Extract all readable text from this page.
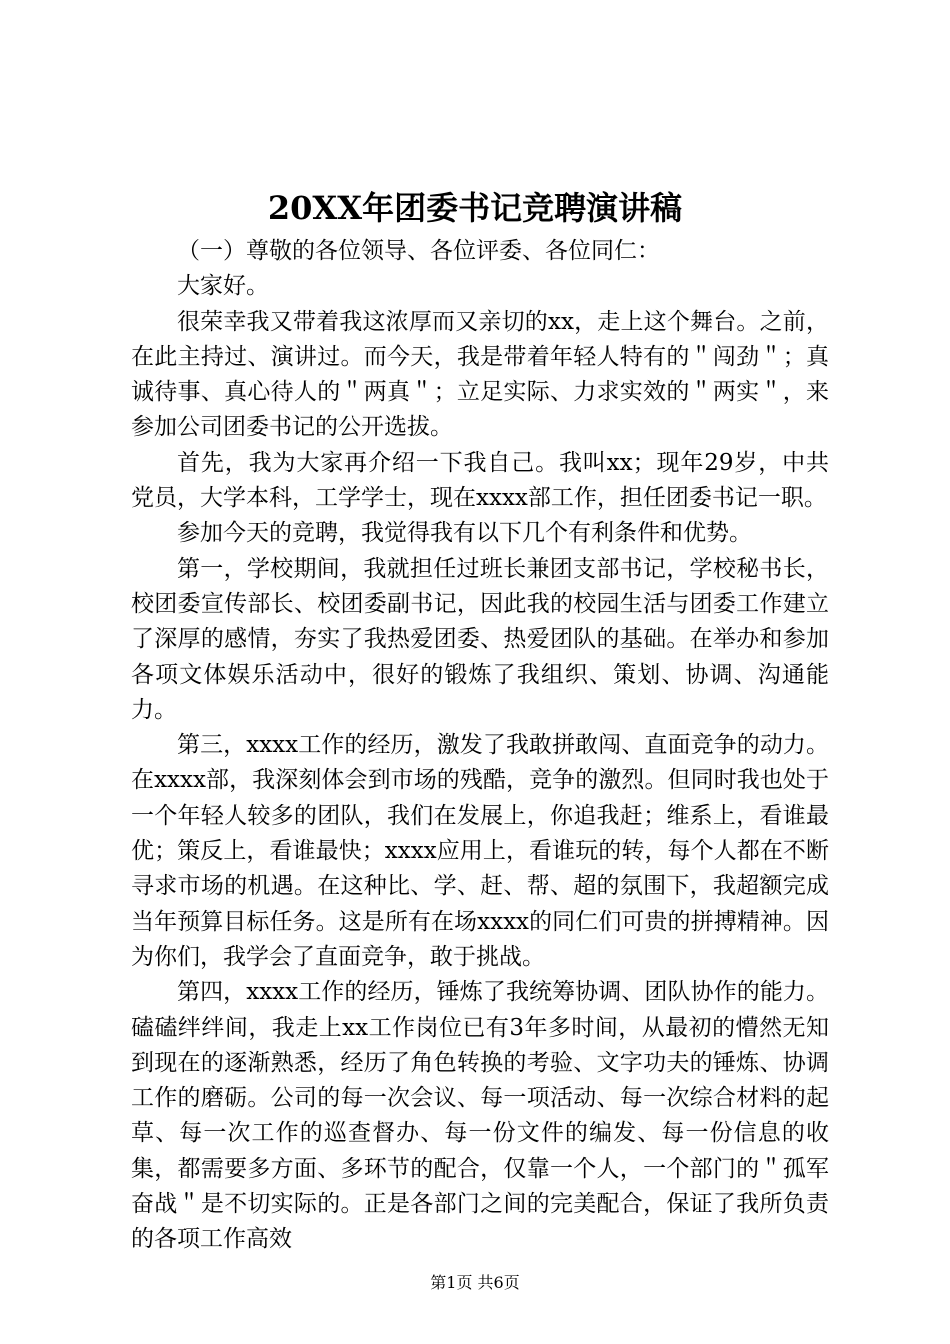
20XX年团委书记竞聘演讲稿

（一）尊敬的各位领导、各位评委、各位同仁：

大家好。

很荣幸我又带着我这浓厚而又亲切的xx，走上这个舞台。之前，在此主持过、演讲过。而今天，我是带着年轻人特有的＂闯劲＂；真诚待事、真心待人的＂两真＂；立足实际、力求实效的＂两实＂，来参加公司团委书记的公开选拔。

首先，我为大家再介绍一下我自己。我叫xx；现年29岁，中共党员，大学本科，工学学士，现在xxxx部工作，担任团委书记一职。

参加今天的竞聘，我觉得我有以下几个有利条件和优势。

第一，学校期间，我就担任过班长兼团支部书记，学校秘书长，校团委宣传部长、校团委副书记，因此我的校园生活与团委工作建立了深厚的感情，夯实了我热爱团委、热爱团队的基础。在举办和参加各项文体娱乐活动中，很好的锻炼了我组织、策划、协调、沟通能力。

第三，xxxx工作的经历，激发了我敢拼敢闯、直面竞争的动力。在xxxx部，我深刻体会到市场的残酷，竞争的激烈。但同时我也处于一个年轻人较多的团队，我们在发展上，你追我赶；维系上，看谁最优；策反上，看谁最快；xxxx应用上，看谁玩的转，每个人都在不断寻求市场的机遇。在这种比、学、赶、帮、超的氛围下，我超额完成当年预算目标任务。这是所有在场xxxx的同仁们可贵的拼搏精神。因为你们，我学会了直面竞争，敢于挑战。

第四，xxxx工作的经历，锤炼了我统筹协调、团队协作的能力。磕磕绊绊间，我走上xx工作岗位已有3年多时间，从最初的懵然无知到现在的逐渐熟悉，经历了角色转换的考验、文字功夫的锤炼、协调工作的磨砺。公司的每一次会议、每一项活动、每一次综合材料的起草、每一次工作的巡查督办、每一份文件的编发、每一份信息的收集，都需要多方面、多环节的配合，仅靠一个人，一个部门的＂孤军奋战＂是不切实际的。正是各部门之间的完美配合，保证了我所负责的各项工作高效

第1页 共6页
